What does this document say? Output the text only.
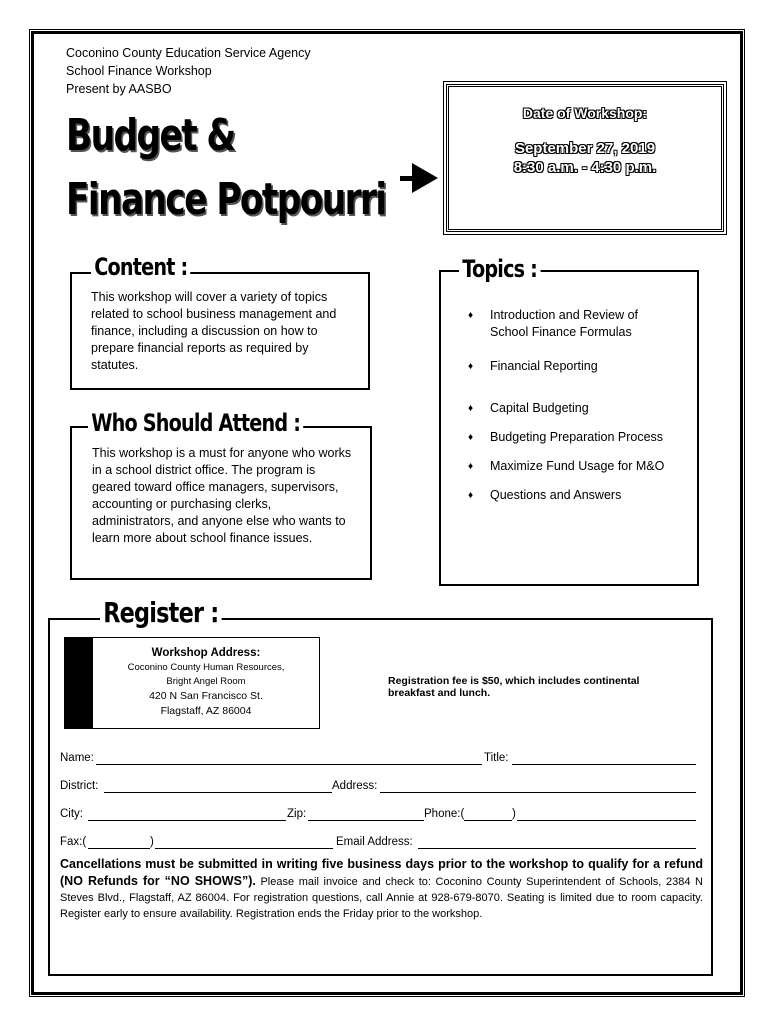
Coconino County Education Service Agency
School Finance Workshop
Present by AASBO
Budget &
Finance Potpourri
Date of Workshop:
September 27, 2019
8:30 a.m. - 4:30 p.m.
Content :
This workshop will cover a variety of topics related to school business management and finance, including a discussion on how to prepare financial reports as required by statutes.
Who Should Attend :
This workshop is a must for anyone who works in a school district office. The program is geared toward office managers, supervisors, accounting or purchasing clerks, administrators, and anyone else who wants to learn more about school finance issues.
Topics :
♦ Introduction and Review of School Finance Formulas
♦ Financial Reporting
♦ Capital Budgeting
♦ Budgeting Preparation Process
♦ Maximize Fund Usage for M&O
♦ Questions and Answers
Register :
Workshop Address:
Coconino County Human Resources,
Bright Angel Room
420 N San Francisco St.
Flagstaff, AZ 86004
Registration fee is $50, which includes continental breakfast and lunch.
Name:	Title:
District:	Address:
City:	Zip:	Phone:(	)
Fax:(	)	Email Address:
Cancellations must be submitted in writing five business days prior to the workshop to qualify for a refund (NO Refunds for “NO SHOWS”). Please mail invoice and check to: Coconino County Superintendent of Schools, 2384 N Steves Blvd., Flagstaff, AZ 86004. For registration questions, call Annie at 928-679-8070. Seating is limited due to room capacity. Register early to ensure availability. Registration ends the Friday prior to the workshop.
